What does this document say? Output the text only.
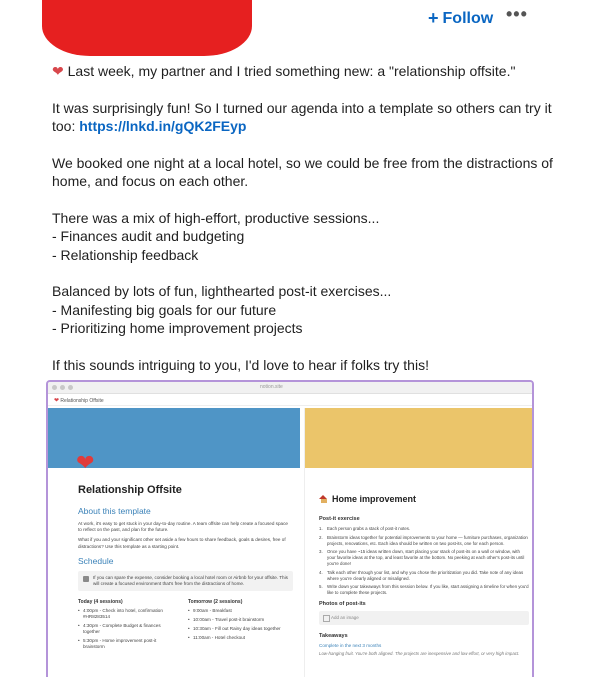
+ Follow •••

❤ Last week, my partner and I tried something new: a "relationship offsite."

It was surprisingly fun! So I turned our agenda into a template so others can try it too: https://lnkd.in/gQK2FEyp

We booked one night at a local hotel, so we could be free from the distractions of home, and focus on each other.

There was a mix of high-effort, productive sessions...
- Finances audit and budgeting
- Relationship feedback

Balanced by lots of fun, lighthearted post-it exercises...
- Manifesting big goals for our future
- Prioritizing home improvement projects

If this sounds intriguing to you, I'd love to hear if folks try this!

notion.site
❤ Relationship Offsite
❤
Relationship Offsite
About this template
At work, it's easy to get stuck in your day-to-day routine. A team offsite can help create a focused space to reflect on the past, and plan for the future.
What if you and your significant other set aside a few hours to share feedback, goals & desires, free of distractions? Use this template as a starting point.
Schedule
If you can spare the expense, consider booking a local hotel room or Airbnb for your offsite. This will create a focused environment that's free from the distractions of home.
Today (4 sessions)
• 4:00pm - Check into hotel, confirmation #HR8283514
• 4:30pm - Complete Budget & finances together
• 5:30pm - Home improvement post-it brainstorm
Tomorrow (2 sessions)
• 9:00am - Breakfast
• 10:00am - Travel post-it brainstorm
• 10:30am - Fill out Rainy day ideas together
• 11:00am - Hotel checkout
Home improvement
Post-it exercise
Each person grabs a stack of post-it notes.
Brainstorm ideas together for potential improvements to your home — furniture purchases, organization projects, renovations, etc. Each idea should be written on two post-its, one for each person.
Once you have ~15 ideas written down, start placing your stack of post-its on a wall or window, with your favorite ideas at the top, and least favorite at the bottom. No peeking at each other's post-its until you're done!
Talk each other through your list, and why you chose the prioritization you did. Take note of any ideas where you're clearly aligned or misaligned.
Write down your takeaways from this session below. If you like, start assigning a timeline for when you'd like to complete these projects.
Photos of post-its
Add an image
Takeaways
Complete in the next 3 months
Low-hanging fruit. You're both aligned. The projects are inexpensive and low effort, or very high impact.
